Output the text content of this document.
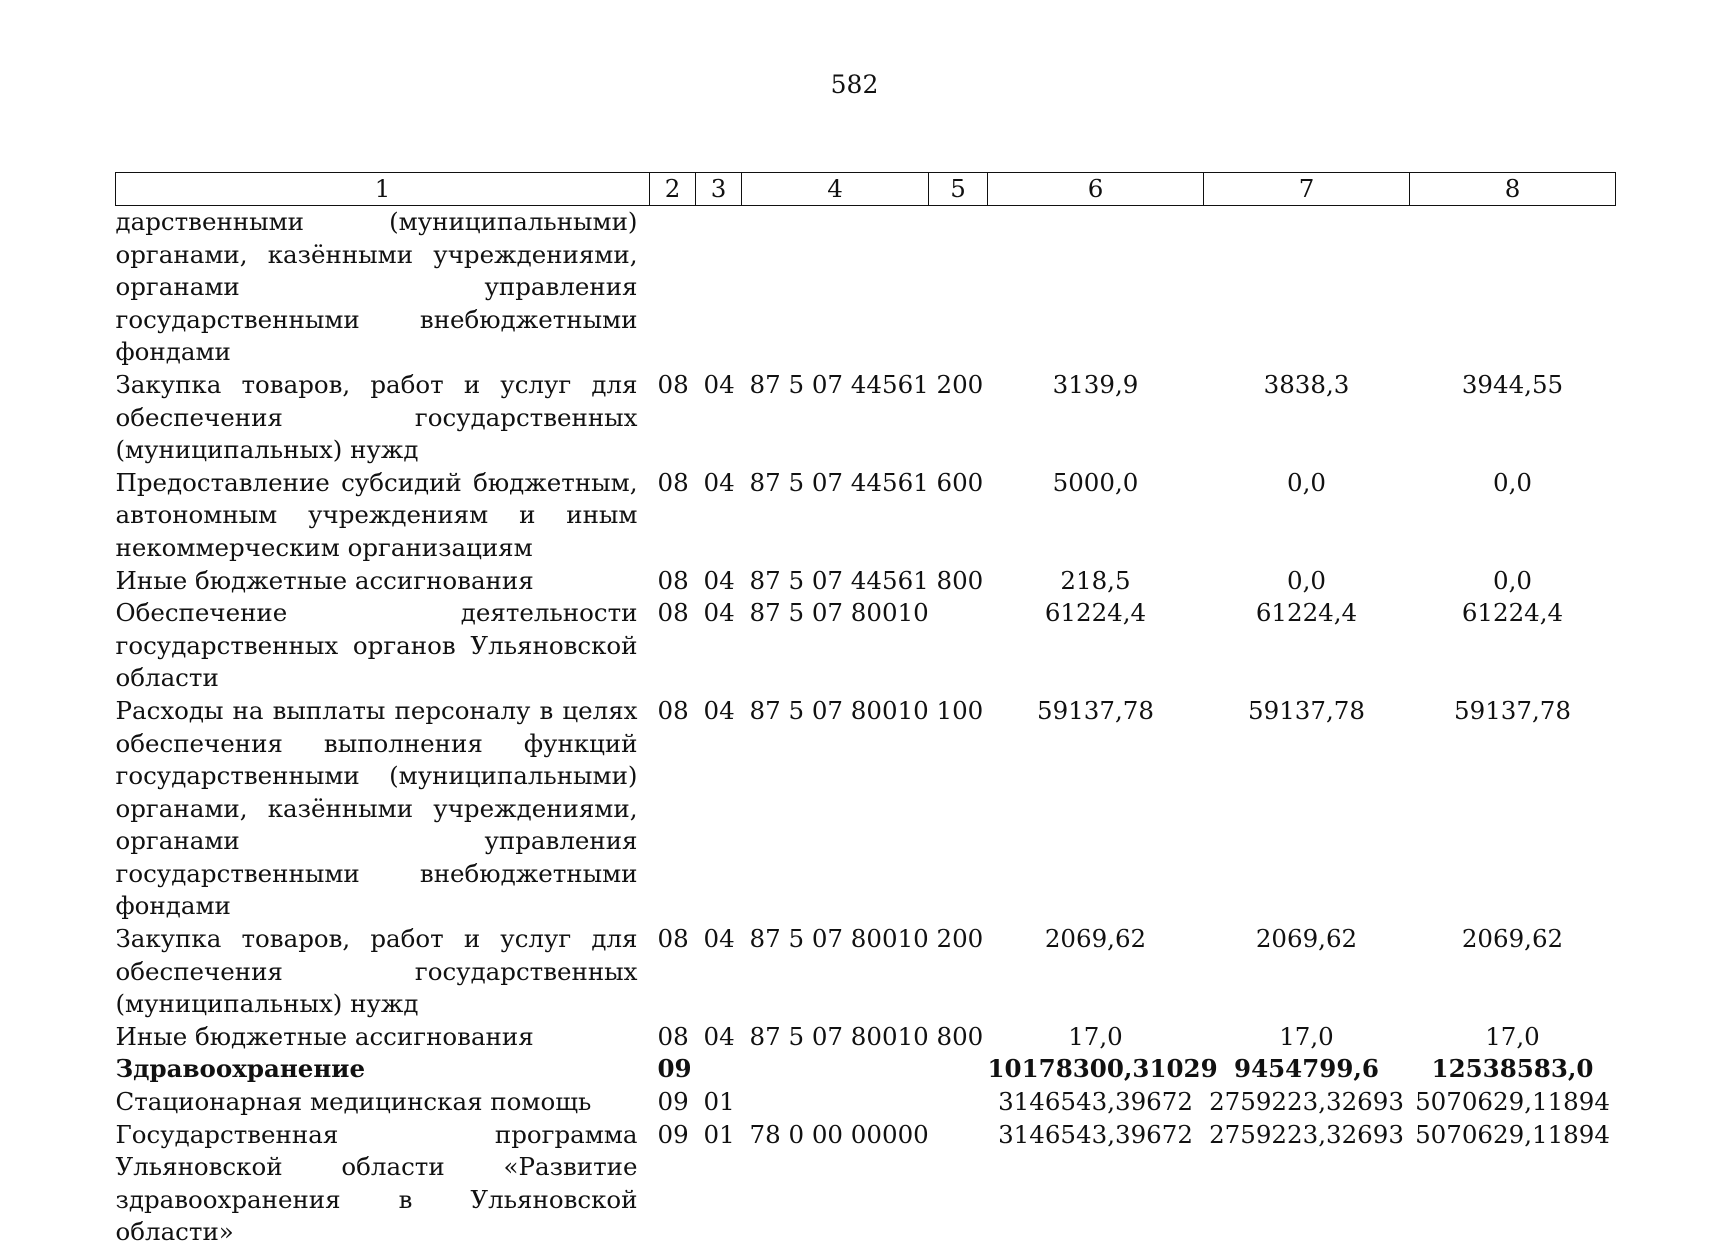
582
1	2	3	4	5	6	7	8
дарственными (муниципальными) органами, казёнными учреждениями, органами управления государственными внебюджетными фондами							
Закупка товаров, работ и услуг для обеспечения государственных (муниципальных) нужд	08	04	87 5 07 44561	200	3139,9	3838,3	3944,55
Предоставление субсидий бюджетным, автономным учреждениям и иным некоммерческим организациям	08	04	87 5 07 44561	600	5000,0	0,0	0,0
Иные бюджетные ассигнования	08	04	87 5 07 44561	800	218,5	0,0	0,0
Обеспечение деятельности государственных органов Ульяновской области	08	04	87 5 07 80010		61224,4	61224,4	61224,4
Расходы на выплаты персоналу в целях обеспечения выполнения функций государственными (муниципальными) органами, казёнными учреждениями, органами управления государственными внебюджетными фондами	08	04	87 5 07 80010	100	59137,78	59137,78	59137,78
Закупка товаров, работ и услуг для обеспечения государственных (муниципальных) нужд	08	04	87 5 07 80010	200	2069,62	2069,62	2069,62
Иные бюджетные ассигнования	08	04	87 5 07 80010	800	17,0	17,0	17,0
Здравоохранение	09				10178300,31029	9454799,6	12538583,0
Стационарная медицинская помощь	09	01			3146543,39672	2759223,32693	5070629,11894
Государственная программа Ульяновской области «Развитие здравоохранения в Ульяновской области»	09	01	78 0 00 00000		3146543,39672	2759223,32693	5070629,11894
